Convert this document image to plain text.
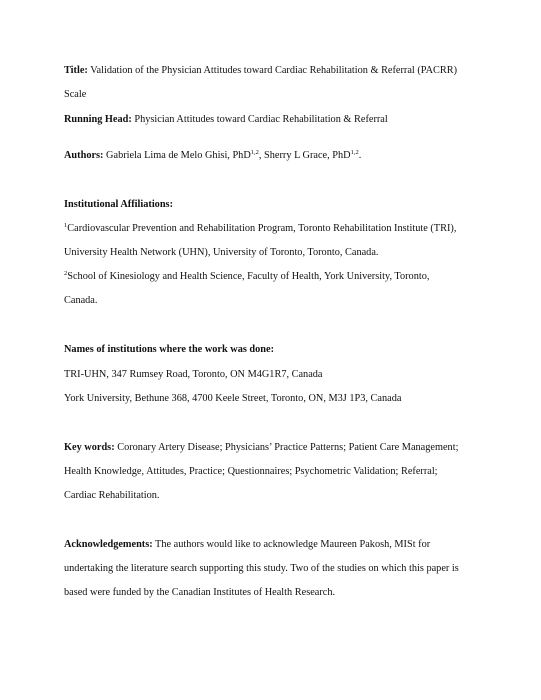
Title: Validation of the Physician Attitudes toward Cardiac Rehabilitation & Referral (PACRR)
Scale
Running Head: Physician Attitudes toward Cardiac Rehabilitation & Referral
Authors: Gabriela Lima de Melo Ghisi, PhD$^{1,2}$, Sherry L Grace, PhD$^{1,2}$.
Institutional Affiliations:
$^1$Cardiovascular Prevention and Rehabilitation Program, Toronto Rehabilitation Institute (TRI),
University Health Network (UHN), University of Toronto, Toronto, Canada.
$^2$School of Kinesiology and Health Science, Faculty of Health, York University, Toronto,
Canada.
Names of institutions where the work was done:
TRI-UHN, 347 Rumsey Road, Toronto, ON M4G1R7, Canada
York University, Bethune 368, 4700 Keele Street, Toronto, ON, M3J 1P3, Canada
Key words: Coronary Artery Disease; Physicians’ Practice Patterns; Patient Care Management;
Health Knowledge, Attitudes, Practice; Questionnaires; Psychometric Validation; Referral;
Cardiac Rehabilitation.
Acknowledgements: The authors would like to acknowledge Maureen Pakosh, MISt for
undertaking the literature search supporting this study. Two of the studies on which this paper is
based were funded by the Canadian Institutes of Health Research.
